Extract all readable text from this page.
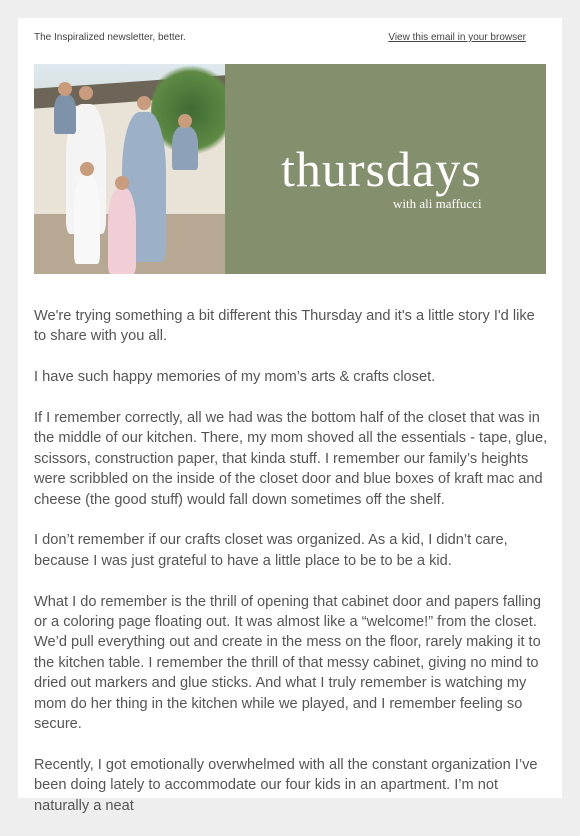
The Inspiralized newsletter, better.	View this email in your browser
thursdays
with ali maffucci

We're trying something a bit different this Thursday and it's a little story I'd like to share with you all.

I have such happy memories of my mom’s arts & crafts closet.

If I remember correctly, all we had was the bottom half of the closet that was in the middle of our kitchen. There, my mom shoved all the essentials - tape, glue, scissors, construction paper, that kinda stuff. I remember our family’s heights were scribbled on the inside of the closet door and blue boxes of kraft mac and cheese (the good stuff) would fall down sometimes off the shelf.

I don’t remember if our crafts closet was organized. As a kid, I didn’t care, because I was just grateful to have a little place to be to be a kid.

What I do remember is the thrill of opening that cabinet door and papers falling or a coloring page floating out. It was almost like a “welcome!” from the closet. We’d pull everything out and create in the mess on the floor, rarely making it to the kitchen table. I remember the thrill of that messy cabinet, giving no mind to dried out markers and glue sticks. And what I truly remember is watching my mom do her thing in the kitchen while we played, and I remember feeling so secure.

Recently, I got emotionally overwhelmed with all the constant organization I’ve been doing lately to accommodate our four kids in an apartment. I’m not naturally a neat
